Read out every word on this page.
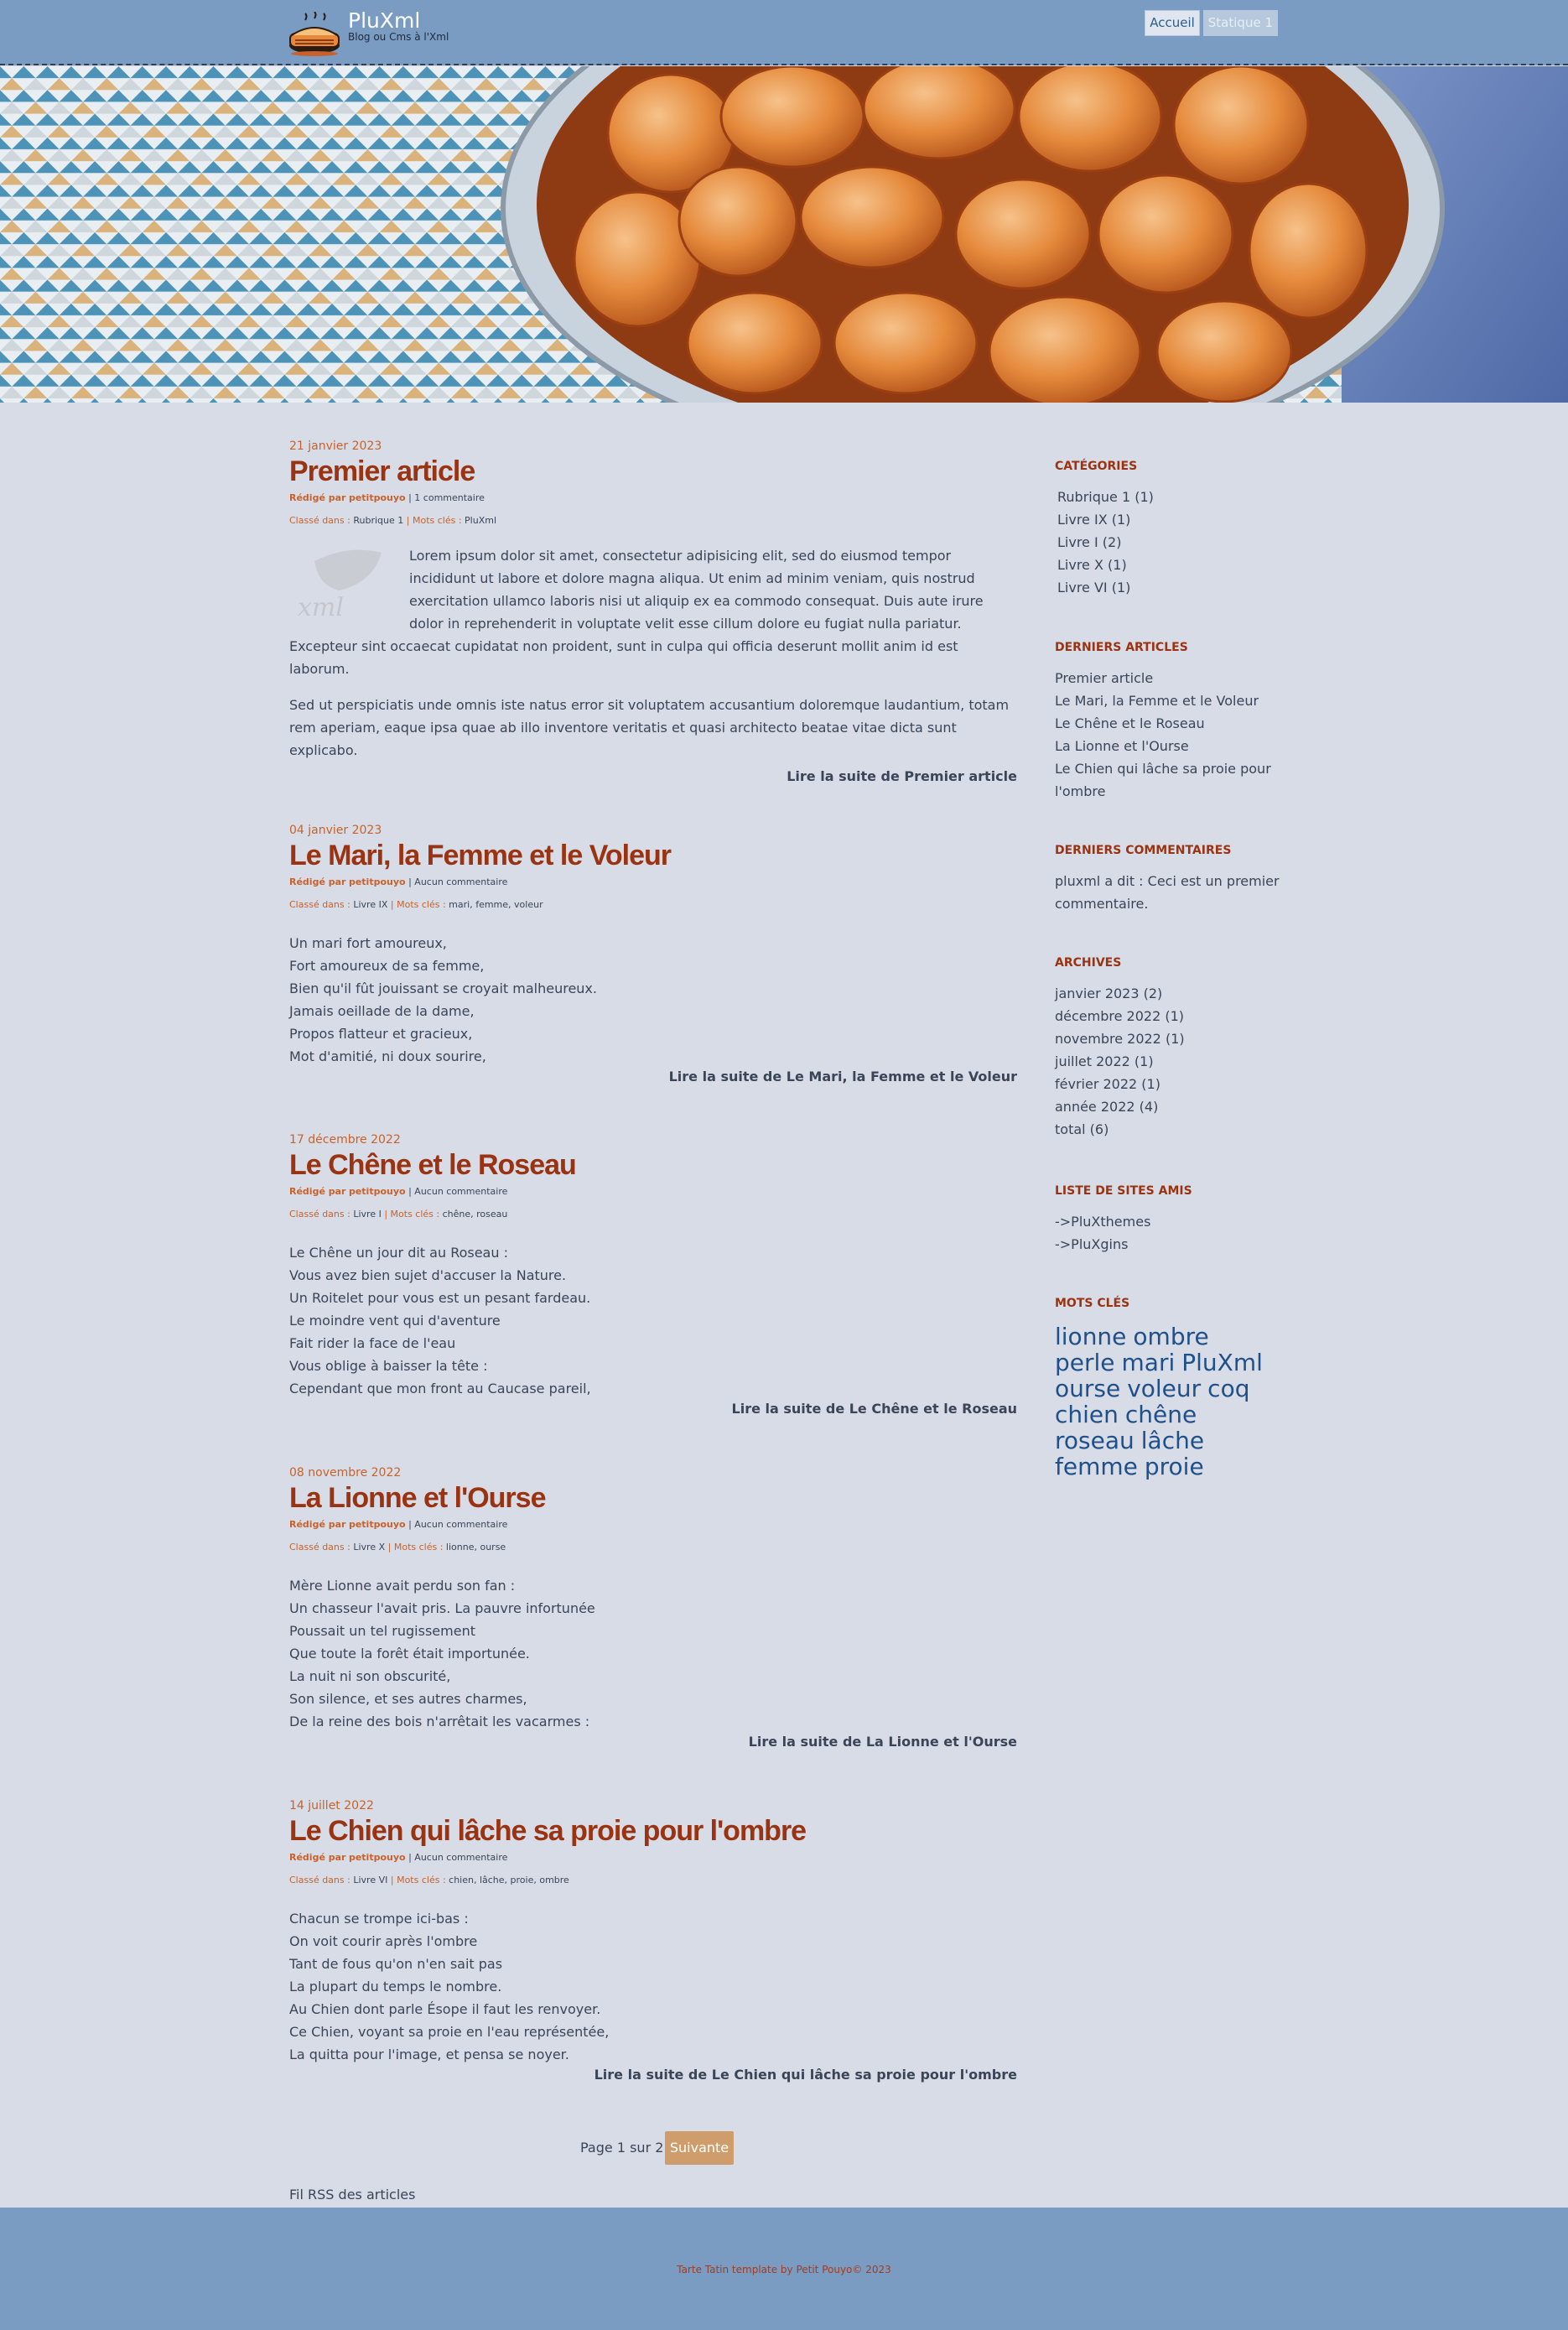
PluXml
Blog ou Cms à l'Xml
Accueil	Statique 1
21 janvier 2023
Premier article
Rédigé par petitpouyo | 1 commentaire
Classé dans : Rubrique 1 | Mots clés : PluXml
xml

Lorem ipsum dolor sit amet, consectetur adipisicing elit, sed do eiusmod tempor incididunt ut labore et dolore magna aliqua. Ut enim ad minim veniam, quis nostrud exercitation ullamco laboris nisi ut aliquip ex ea commodo consequat. Duis aute irure dolor in reprehenderit in voluptate velit esse cillum dolore eu fugiat nulla pariatur. Excepteur sint occaecat cupidatat non proident, sunt in culpa qui officia deserunt mollit anim id est laborum.

Sed ut perspiciatis unde omnis iste natus error sit voluptatem accusantium doloremque laudantium, totam rem aperiam, eaque ipsa quae ab illo inventore veritatis et quasi architecto beatae vitae dicta sunt explicabo.

Lire la suite de Premier article
04 janvier 2023
Le Mari, la Femme et le Voleur
Rédigé par petitpouyo | Aucun commentaire
Classé dans : Livre IX | Mots clés : mari, femme, voleur
Un mari fort amoureux,
Fort amoureux de sa femme,
Bien qu'il fût jouissant se croyait malheureux.
Jamais oeillade de la dame,
Propos flatteur et gracieux,
Mot d'amitié, ni doux sourire,
Lire la suite de Le Mari, la Femme et le Voleur
17 décembre 2022
Le Chêne et le Roseau
Rédigé par petitpouyo | Aucun commentaire
Classé dans : Livre I | Mots clés : chêne, roseau
Le Chêne un jour dit au Roseau :
Vous avez bien sujet d'accuser la Nature.
Un Roitelet pour vous est un pesant fardeau.
Le moindre vent qui d'aventure
Fait rider la face de l'eau
Vous oblige à baisser la tête :
Cependant que mon front au Caucase pareil,
Lire la suite de Le Chêne et le Roseau
08 novembre 2022
La Lionne et l'Ourse
Rédigé par petitpouyo | Aucun commentaire
Classé dans : Livre X | Mots clés : lionne, ourse
Mère Lionne avait perdu son fan :
Un chasseur l'avait pris. La pauvre infortunée
Poussait un tel rugissement
Que toute la forêt était importunée.
La nuit ni son obscurité,
Son silence, et ses autres charmes,
De la reine des bois n'arrêtait les vacarmes :
Lire la suite de La Lionne et l'Ourse
14 juillet 2022
Le Chien qui lâche sa proie pour l'ombre
Rédigé par petitpouyo | Aucun commentaire
Classé dans : Livre VI | Mots clés : chien, lâche, proie, ombre
Chacun se trompe ici-bas :
On voit courir après l'ombre
Tant de fous qu'on n'en sait pas
La plupart du temps le nombre.
Au Chien dont parle Ésope il faut les renvoyer.
Ce Chien, voyant sa proie en l'eau représentée,
La quitta pour l'image, et pensa se noyer.
Lire la suite de Le Chien qui lâche sa proie pour l'ombre
Page 1 sur 2 Suivante
Fil RSS des articles
CATÉGORIES
Rubrique 1 (1)
Livre IX (1)
Livre I (2)
Livre X (1)
Livre VI (1)
DERNIERS ARTICLES
Premier article
Le Mari, la Femme et le Voleur
Le Chêne et le Roseau
La Lionne et l'Ourse
Le Chien qui lâche sa proie pour l'ombre
DERNIERS COMMENTAIRES
pluxml a dit : Ceci est un premier commentaire.
ARCHIVES
janvier 2023 (2)
décembre 2022 (1)
novembre 2022 (1)
juillet 2022 (1)
février 2022 (1)
année 2022 (4)
total (6)
LISTE DE SITES AMIS
->PluXthemes
->PluXgins
MOTS CLÉS
lionne ombre
perle mari PluXml
ourse voleur coq
chien chêne
roseau lâche
femme proie
Tarte Tatin template by Petit Pouyo© 2023
